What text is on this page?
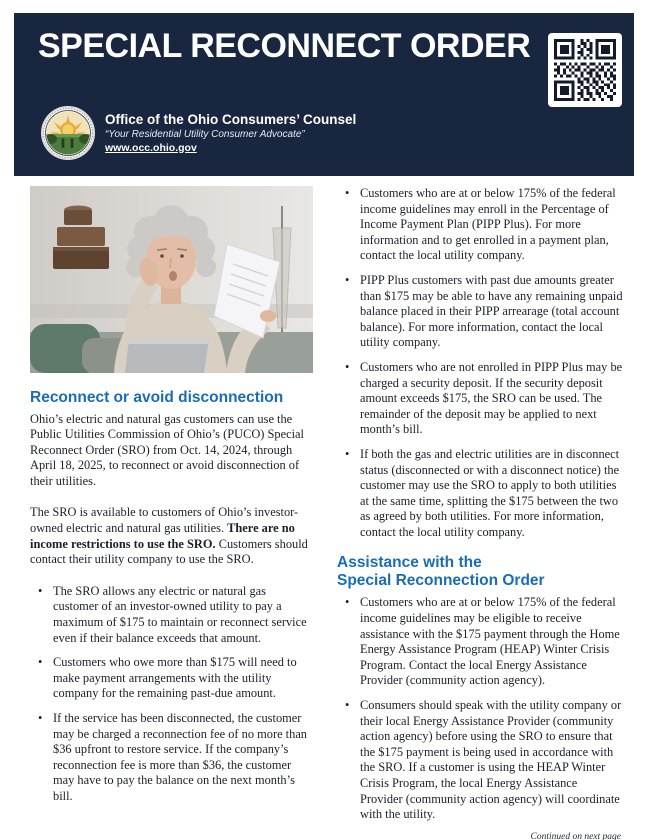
SPECIAL RECONNECT ORDER
Office of the Ohio Consumers’ Counsel
“Your Residential Utility Consumer Advocate”
www.occ.ohio.gov
Reconnect or avoid disconnection

Ohio’s electric and natural gas customers can use the Public Utilities Commission of Ohio’s (PUCO) Special Reconnect Order (SRO) from Oct. 14, 2024, through April 18, 2025, to reconnect or avoid disconnection of their utilities.

The SRO is available to customers of Ohio’s investor-owned electric and natural gas utilities. There are no income restrictions to use the SRO. Customers should contact their utility company to use the SRO.

• The SRO allows any electric or natural gas customer of an investor-owned utility to pay a maximum of $175 to maintain or reconnect service even if their balance exceeds that amount.
• Customers who owe more than $175 will need to make payment arrangements with the utility company for the remaining past-due amount.
• If the service has been disconnected, the customer may be charged a reconnection fee of no more than $36 upfront to restore service. If the company’s reconnection fee is more than $36, the customer may have to pay the balance on the next month’s bill.
• Customers who are at or below 175% of the federal income guidelines may enroll in the Percentage of Income Payment Plan (PIPP Plus). For more information and to get enrolled in a payment plan, contact the local utility company.
• PIPP Plus customers with past due amounts greater than $175 may be able to have any remaining unpaid balance placed in their PIPP arrearage (total account balance). For more information, contact the local utility company.
• Customers who are not enrolled in PIPP Plus may be charged a security deposit. If the security deposit amount exceeds $175, the SRO can be used. The remainder of the deposit may be applied to next month’s bill.
• If both the gas and electric utilities are in disconnect status (disconnected or with a disconnect notice) the customer may use the SRO to apply to both utilities at the same time, splitting the $175 between the two as agreed by both utilities. For more information, contact the local utility company.
Assistance with the
Special Reconnection Order
• Customers who are at or below 175% of the federal income guidelines may be eligible to receive assistance with the $175 payment through the Home Energy Assistance Program (HEAP) Winter Crisis Program. Contact the local Energy Assistance Provider (community action agency).
• Consumers should speak with the utility company or their local Energy Assistance Provider (community action agency) before using the SRO to ensure that the $175 payment is being used in accordance with the SRO. If a customer is using the HEAP Winter Crisis Program, the local Energy Assistance Provider (community action agency) will coordinate with the utility.
Continued on next page
